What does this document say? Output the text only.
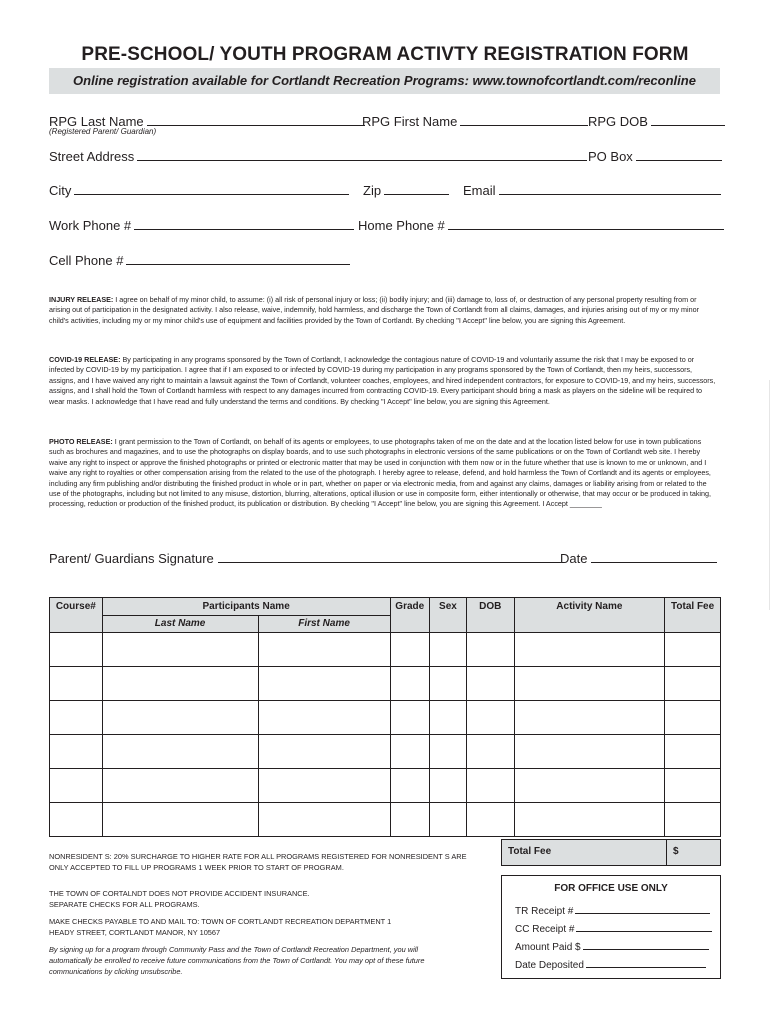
PRE-SCHOOL/ YOUTH PROGRAM ACTIVTY REGISTRATION FORM
Online registration available for Cortlandt Recreation Programs: www.townofcortlandt.com/reconline
RPG Last Name
(Registered Parent/ Guardian)
RPG First Name	RPG DOB
Street Address	PO Box
City	Zip	Email
Work Phone #	Home Phone #
Cell Phone #
INJURY RELEASE: I agree on behalf of my minor child, to assume: (i) all risk of personal injury or loss; (ii) bodily injury; and (iii) damage to, loss of, or destruction of any personal property resulting from or arising out of participation in the designated activity. I also release, waive, indemnify, hold harmless, and discharge the Town of Cortlandt from all claims, damages, and injuries arising out of my or my minor child's activities, including my or my minor child's use of equipment and facilities provided by the Town of Cortlandt. By checking "I Accept" line below, you are signing this Agreement.
COVID-19 RELEASE: By participating in any programs sponsored by the Town of Cortlandt, I acknowledge the contagious nature of COVID-19 and voluntarily assume the risk that I may be exposed to or infected by COVID-19 by my participation. I agree that if I am exposed to or infected by COVID-19 during my participation in any programs sponsored by the Town of Cortlandt, then my heirs, successors, assigns, and I have waived any right to maintain a lawsuit against the Town of Cortlandt, volunteer coaches, employees, and hired independent contractors, for exposure to COVID-19, and my heirs, successors, assigns, and I shall hold the Town of Cortlandt harmless with respect to any damages incurred from contracting COVID-19. Every participant should bring a mask as players on the sideline will be required to wear masks. I acknowledge that I have read and fully understand the terms and conditions. By checking "I Accept" line below, you are signing this Agreement.
PHOTO RELEASE: I grant permission to the Town of Cortlandt, on behalf of its agents or employees, to use photographs taken of me on the date and at the location listed below for use in town publications such as brochures and magazines, and to use the photographs on display boards, and to use such photographs in electronic versions of the same publications or on the Town of Cortlandt web site. I hereby waive any right to inspect or approve the finished photographs or printed or electronic matter that may be used in conjunction with them now or in the future whether that use is known to me or unknown, and I waive any right to royalties or other compensation arising from the related to the use of the photograph. I hereby agree to release, defend, and hold harmless the Town of Cortlandt and its agents or employees, including any firm publishing and/or distributing the finished product in whole or in part, whether on paper or via electronic media, from and against any claims, damages or liability arising from or related to the use of the photographs, including but not limited to any misuse, distortion, blurring, alterations, optical illusion or use in composite form, either intentionally or otherwise, that may occur or be produced in taking, processing, reduction or production of the finished product, its publication or distribution. By checking "I Accept" line below, you are signing this Agreement. I Accept ________
Parent/ Guardians Signature	Date
Course#	Participants Name		Grade	Sex	DOB	Activity Name	Total Fee
	Last Name	First Name					

Total Fee	$
NONRESIDENT S: 20% SURCHARGE TO HIGHER RATE FOR ALL PROGRAMS REGISTERED FOR NONRESIDENT S ARE ONLY ACCEPTED TO FILL UP PROGRAMS 1 WEEK PRIOR TO START OF PROGRAM.
THE TOWN OF CORTALNDT DOES NOT PROVIDE ACCIDENT INSURANCE. SEPARATE CHECKS FOR ALL PROGRAMS.
MAKE CHECKS PAYABLE TO AND MAIL TO: TOWN OF CORTLANDT RECREATION DEPARTMENT 1 HEADY STREET, CORTLANDT MANOR, NY 10567
By signing up for a program through Community Pass and the Town of Cortlandt Recreation Department, you will automatically be enrolled to receive future communications from the Town of Cortlandt. You may opt of these future communications by clicking unsubscribe.
FOR OFFICE USE ONLY
TR Receipt #
CC Receipt #
Amount Paid $
Date Deposited
